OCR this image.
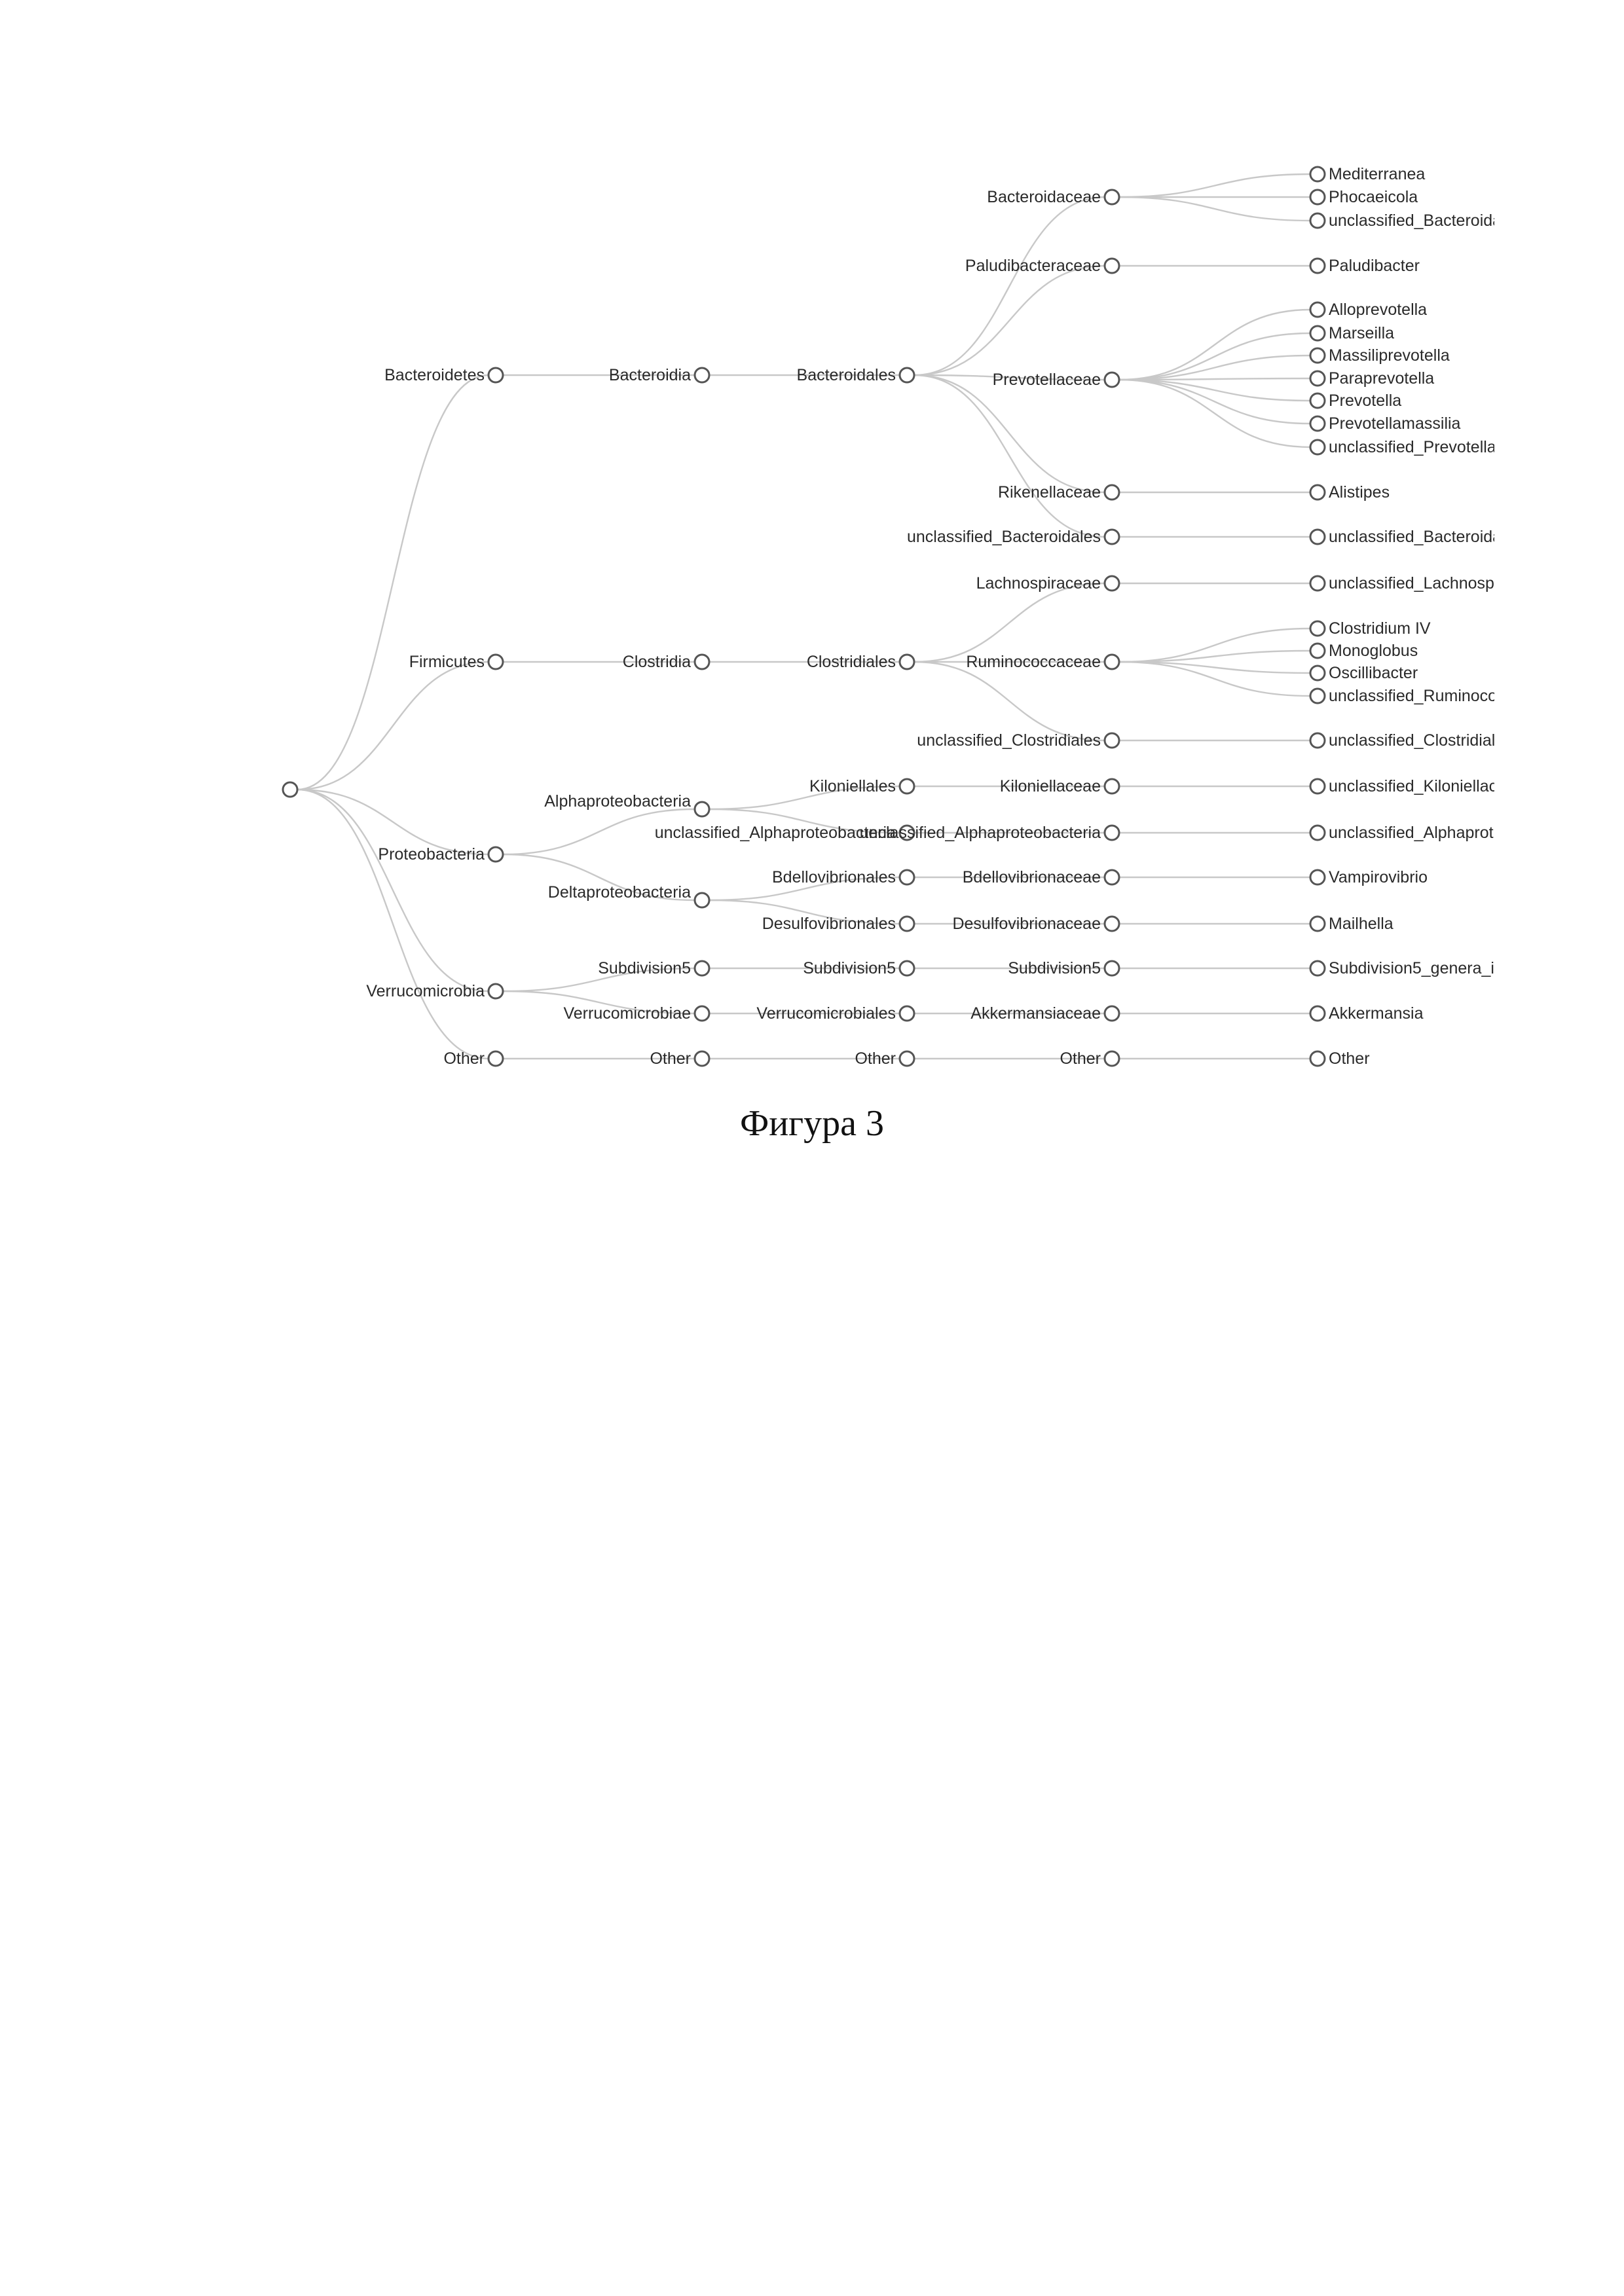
Bacteroidetes
Firmicutes
Proteobacteria
Verrucomicrobia
Other
Bacteroidia
Clostridia
Alphaproteobacteria
Deltaproteobacteria
Subdivision5
Verrucomicrobiae
Other
Bacteroidales
Clostridiales
Kiloniellales
unclassified_Alphaproteobacteria
Bdellovibrionales
Desulfovibrionales
Subdivision5
Verrucomicrobiales
Other
Bacteroidaceae
Paludibacteraceae
Prevotellaceae
Rikenellaceae
unclassified_Bacteroidales
Lachnospiraceae
Ruminococcaceae
unclassified_Clostridiales
Kiloniellaceae
unclassified_Alphaproteobacteria
Bdellovibrionaceae
Desulfovibrionaceae
Subdivision5
Akkermansiaceae
Other
Mediterranea
Phocaeicola
unclassified_Bacteroida
Paludibacter
Alloprevotella
Marseilla
Massiliprevotella
Paraprevotella
Prevotella
Prevotellamassilia
unclassified_Prevotella
Alistipes
unclassified_Bacteroida
unclassified_Lachnosp
Clostridium IV
Monoglobus
Oscillibacter
unclassified_Ruminoco
unclassified_Clostridial
unclassified_Kiloniellac
unclassified_Alphaprot
Vampirovibrio
Mailhella
Subdivision5_genera_i
Akkermansia
Other
Фигура 3
